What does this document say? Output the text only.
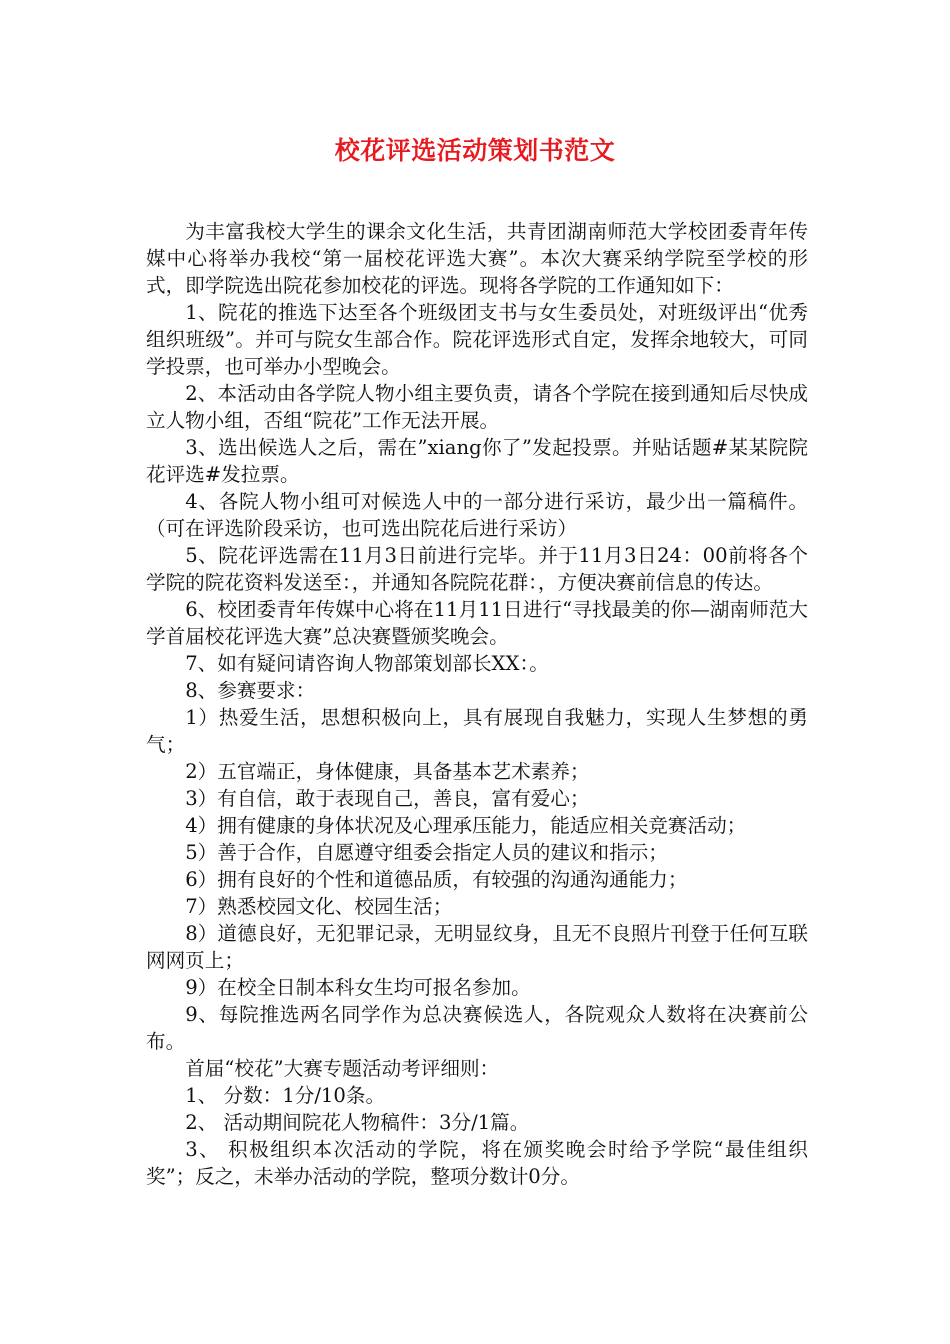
校花评选活动策划书范文

为丰富我校大学生的课余文化生活，共青团湖南师范大学校团委青年传媒中心将举办我校“第一届校花评选大赛”。本次大赛采纳学院至学校的形式，即学院选出院花参加校花的评选。现将各学院的工作通知如下：

1、院花的推选下达至各个班级团支书与女生委员处，对班级评出“优秀组织班级”。并可与院女生部合作。院花评选形式自定，发挥余地较大，可同学投票，也可举办小型晚会。

2、本活动由各学院人物小组主要负责，请各个学院在接到通知后尽快成立人物小组，否组“院花”工作无法开展。

3、选出候选人之后，需在”xiang你了”发起投票。并贴话题#某某院院花评选#发拉票。

4、各院人物小组可对候选人中的一部分进行采访，最少出一篇稿件。（可在评选阶段采访，也可选出院花后进行采访）

5、院花评选需在11月3日前进行完毕。并于11月3日24：00前将各个学院的院花资料发送至：，并通知各院院花群：，方便决赛前信息的传达。

6、校团委青年传媒中心将在11月11日进行“寻找最美的你—湖南师范大学首届校花评选大赛”总决赛暨颁奖晚会。

7、如有疑问请咨询人物部策划部长XX：。

8、参赛要求：

1）热爱生活，思想积极向上，具有展现自我魅力，实现人生梦想的勇气；

2）五官端正，身体健康，具备基本艺术素养；

3）有自信，敢于表现自己，善良，富有爱心；

4）拥有健康的身体状况及心理承压能力，能适应相关竞赛活动；

5）善于合作，自愿遵守组委会指定人员的建议和指示；

6）拥有良好的个性和道德品质，有较强的沟通沟通能力；

7）熟悉校园文化、校园生活；

8）道德良好，无犯罪记录，无明显纹身，且无不良照片刊登于任何互联网网页上；

9）在校全日制本科女生均可报名参加。

9、每院推选两名同学作为总决赛候选人，各院观众人数将在决赛前公布。

首届“校花”大赛专题活动考评细则：

1、 分数：1分/10条。

2、 活动期间院花人物稿件：3分/1篇。

3、 积极组织本次活动的学院，将在颁奖晚会时给予学院“最佳组织奖”；反之，未举办活动的学院，整项分数计0分。
